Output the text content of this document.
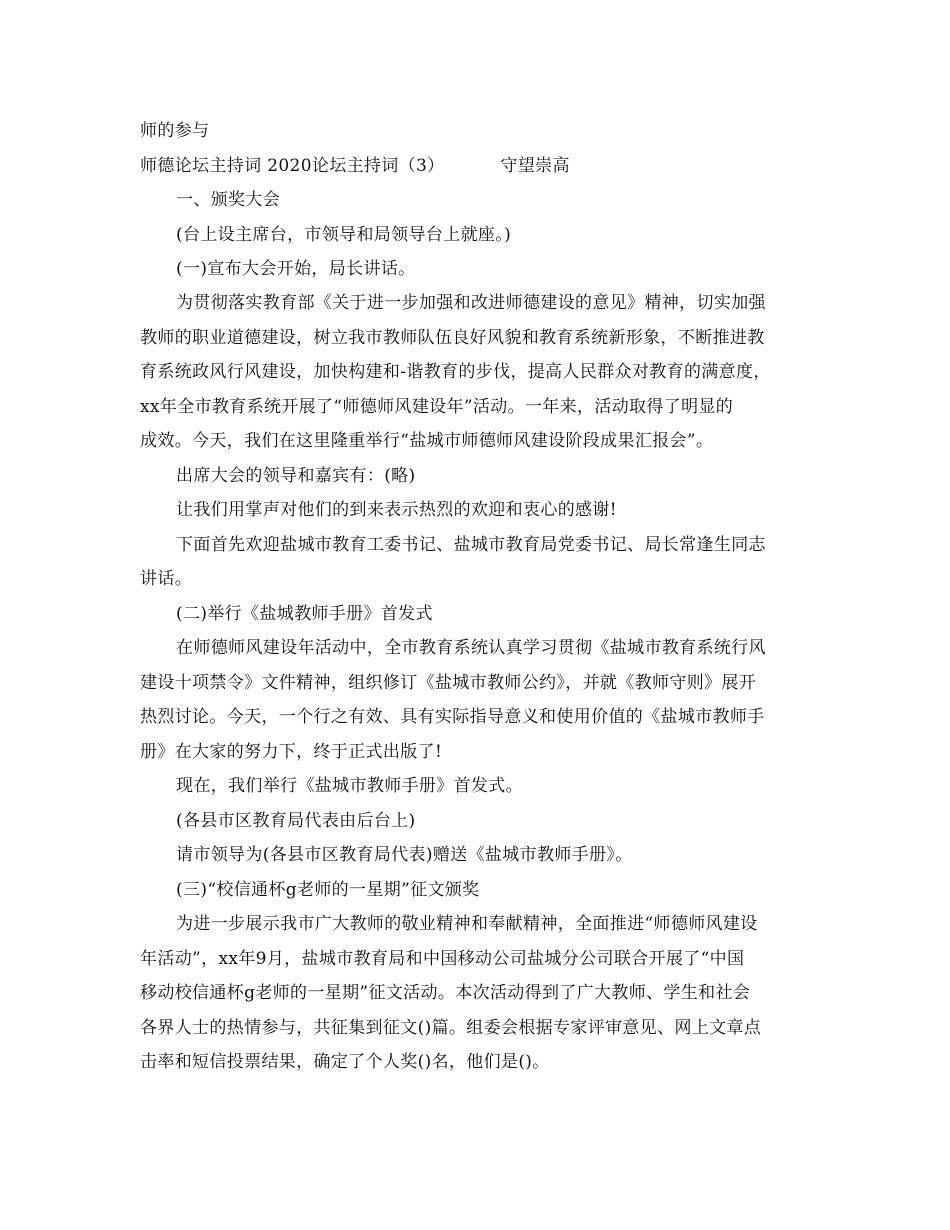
师的参与
师德论坛主持词 2020论坛主持词（3）	守望崇高
一、颁奖大会
(台上设主席台，市领导和局领导台上就座。)
(一)宣布大会开始，局长讲话。
为贯彻落实教育部《关于进一步加强和改进师德建设的意见》精神，切实加强
教师的职业道德建设，树立我市教师队伍良好风貌和教育系统新形象，不断推进教
育系统政风行风建设，加快构建和-谐教育的步伐，提高人民群众对教育的满意度，
xx年全市教育系统开展了“师德师风建设年”活动。一年来，活动取得了明显的
成效。今天，我们在这里隆重举行“盐城市师德师风建设阶段成果汇报会”。
出席大会的领导和嘉宾有：(略)
让我们用掌声对他们的到来表示热烈的欢迎和衷心的感谢!
下面首先欢迎盐城市教育工委书记、盐城市教育局党委书记、局长常逢生同志
讲话。
(二)举行《盐城教师手册》首发式
在师德师风建设年活动中，全市教育系统认真学习贯彻《盐城市教育系统行风
建设十项禁令》文件精神，组织修订《盐城市教师公约》，并就《教师守则》展开
热烈讨论。今天，一个行之有效、具有实际指导意义和使用价值的《盐城市教师手
册》在大家的努力下，终于正式出版了!
现在，我们举行《盐城市教师手册》首发式。
(各县市区教育局代表由后台上)
请市领导为(各县市区教育局代表)赠送《盐城市教师手册》。
(三)“校信通杯g老师的一星期”征文颁奖
为进一步展示我市广大教师的敬业精神和奉献精神，全面推进“师德师风建设
年活动”，xx年9月，盐城市教育局和中国移动公司盐城分公司联合开展了“中国
移动校信通杯g老师的一星期”征文活动。本次活动得到了广大教师、学生和社会
各界人士的热情参与，共征集到征文()篇。组委会根据专家评审意见、网上文章点
击率和短信投票结果，确定了个人奖()名，他们是()。
